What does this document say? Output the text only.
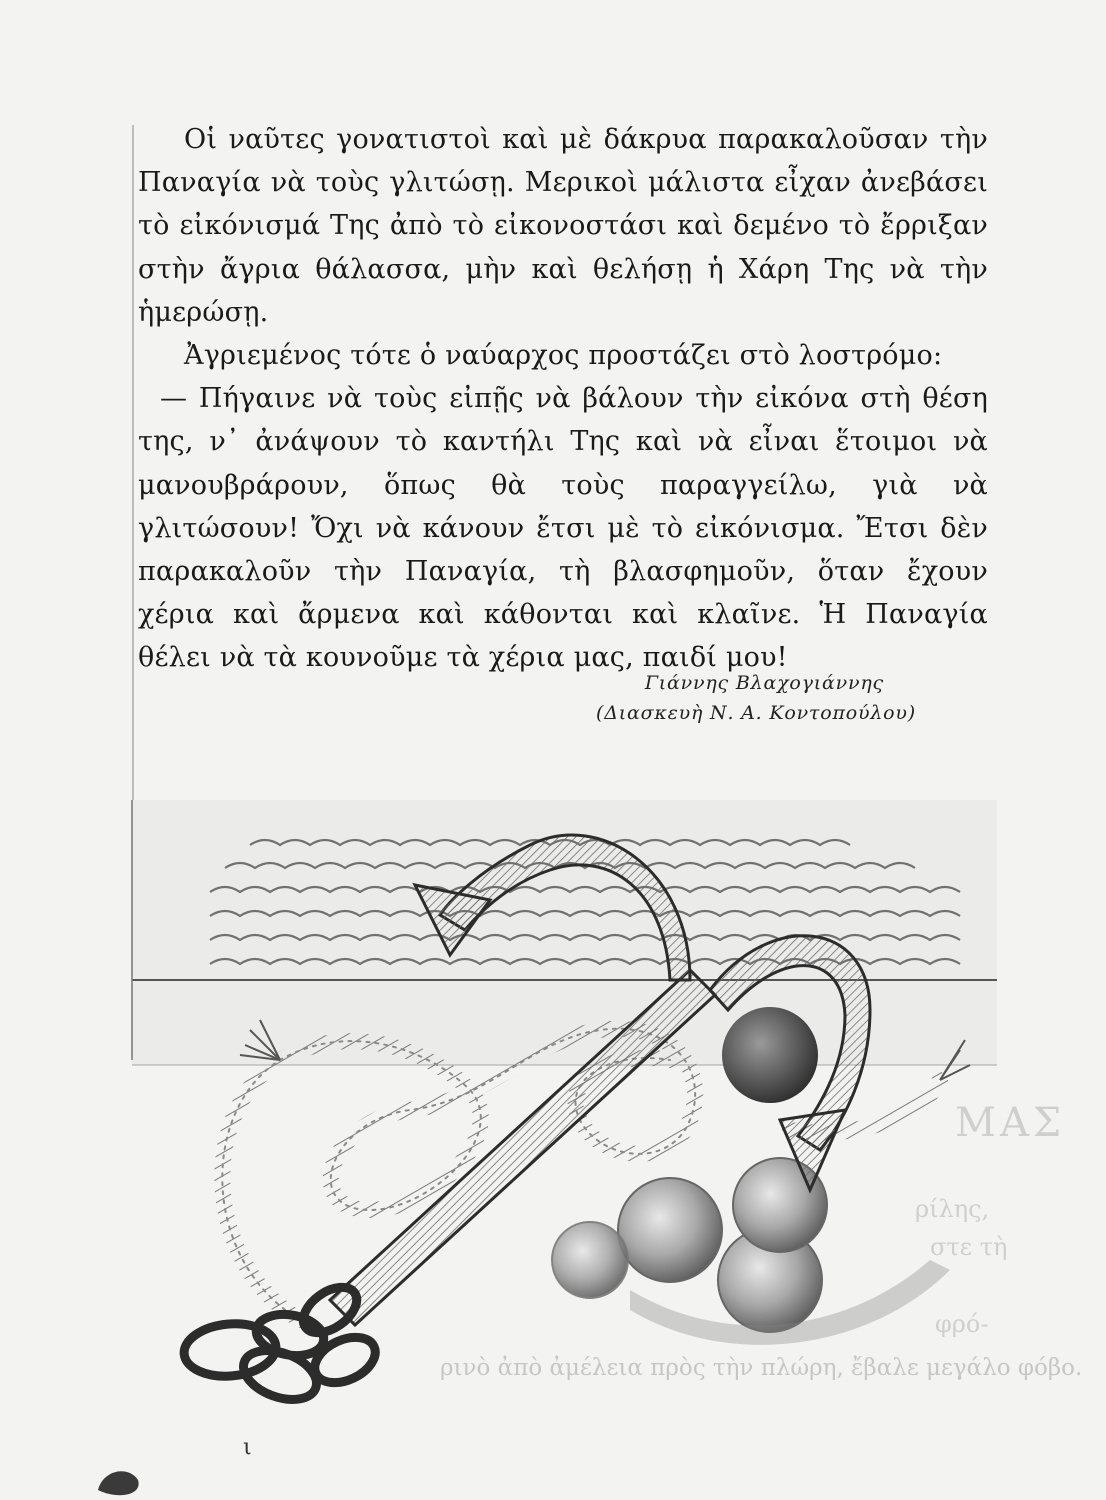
ΜΑΣ
ρίλης,
στε τὴ
φρό-
ρινὸ ἀπὸ ἀμέλεια πρὸς τὴν πλώρη, ἔβαλε μεγάλο φόβο.

Οἱ ναῦτες γονατιστοὶ καὶ μὲ δάκρυα παρακαλοῦσαν τὴν Παναγία νὰ τοὺς γλιτώσῃ. Μερικοὶ μάλιστα εἶχαν ἀνεβάσει τὸ εἰκόνισμά Της ἀπὸ τὸ εἰκονοστάσι καὶ δεμένο τὸ ἔρριξαν στὴν ἄγρια θάλασσα, μὴν καὶ θελήσῃ ἡ Χάρη Της νὰ τὴν ἡμερώσῃ.

Ἀγριεμένος τότε ὁ ναύαρχος προστάζει στὸ λοστρόμο:

— Πήγαινε νὰ τοὺς εἰπῇς νὰ βάλουν τὴν εἰκόνα στὴ θέση της, ν᾽ ἀνάψουν τὸ καντήλι Της καὶ νὰ εἶναι ἕτοιμοι νὰ μανουβράρουν, ὅπως θὰ τοὺς παραγγείλω, γιὰ νὰ γλιτώσουν! Ὄχι νὰ κάνουν ἔτσι μὲ τὸ εἰκόνισμα. Ἔτσι δὲν παρακαλοῦν τὴν Παναγία, τὴ βλασφημοῦν, ὅταν ἔχουν χέρια καὶ ἄρμενα καὶ κάθονται καὶ κλαῖνε. Ἡ Παναγία θέλει νὰ τὰ κουνοῦμε τὰ χέρια μας, παιδί μου!

Γιάννης Βλαχογιάννης
(Διασκευὴ Ν. Α. Κοντοπούλου)
ι
